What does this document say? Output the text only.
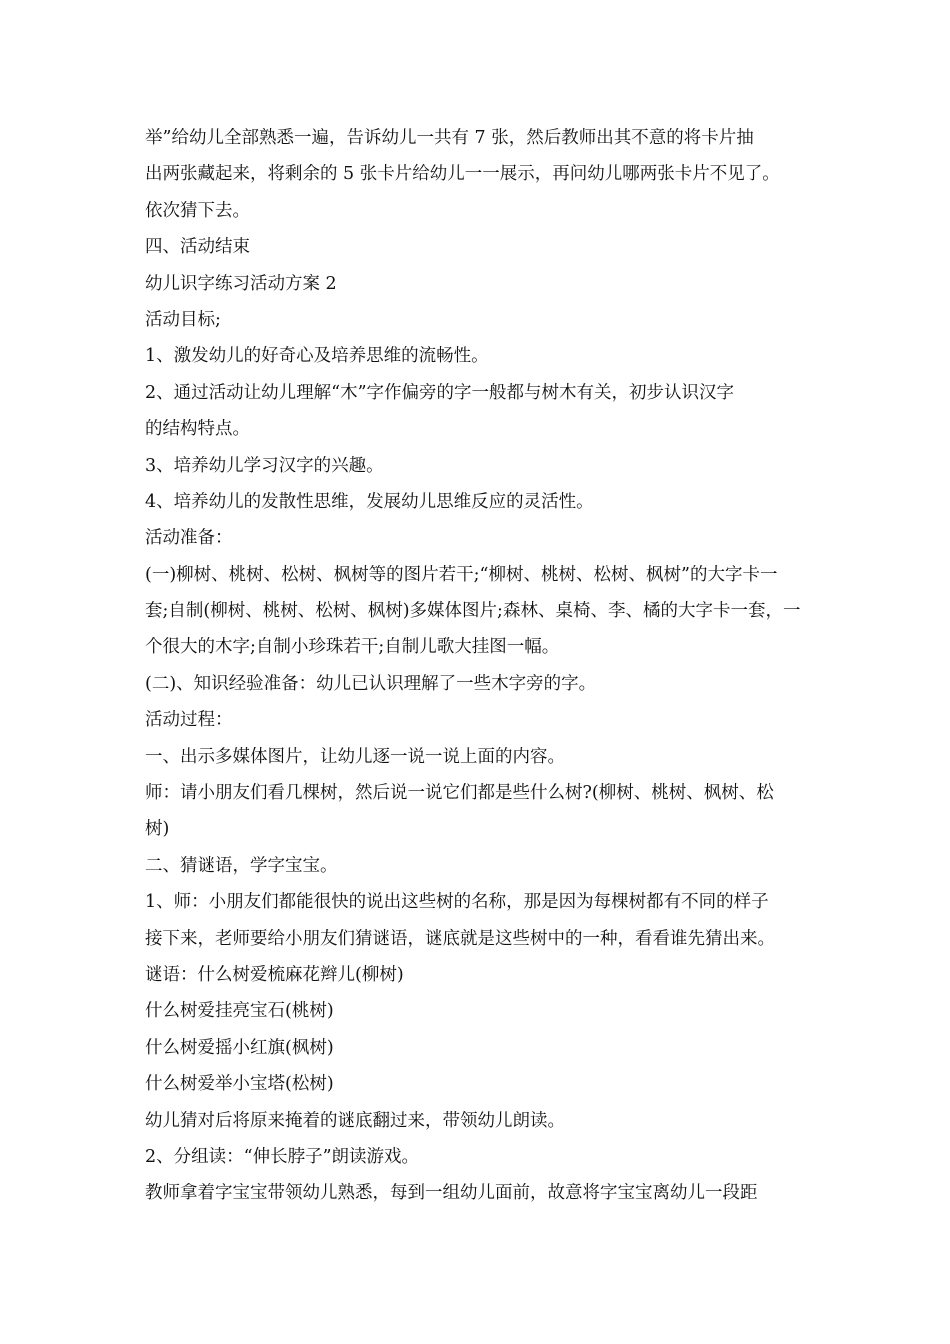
举”给幼儿全部熟悉一遍，告诉幼儿一共有 7 张，然后教师出其不意的将卡片抽
出两张藏起来，将剩余的 5 张卡片给幼儿一一展示，再问幼儿哪两张卡片不见了。
依次猜下去。
四、活动结束
幼儿识字练习活动方案 2
活动目标;
1、激发幼儿的好奇心及培养思维的流畅性。
2、通过活动让幼儿理解“木”字作偏旁的字一般都与树木有关，初步认识汉字
的结构特点。
3、培养幼儿学习汉字的兴趣。
4、培养幼儿的发散性思维，发展幼儿思维反应的灵活性。
活动准备：
(一)柳树、桃树、松树、枫树等的图片若干;“柳树、桃树、松树、枫树”的大字卡一
套;自制(柳树、桃树、松树、枫树)多媒体图片;森林、桌椅、李、橘的大字卡一套，一
个很大的木字;自制小珍珠若干;自制儿歌大挂图一幅。
(二)、知识经验准备：幼儿已认识理解了一些木字旁的字。
活动过程：
一、出示多媒体图片，让幼儿逐一说一说上面的内容。
师：请小朋友们看几棵树，然后说一说它们都是些什么树?(柳树、桃树、枫树、松
树)
二、猜谜语，学字宝宝。
1、师：小朋友们都能很快的说出这些树的名称，那是因为每棵树都有不同的样子
接下来，老师要给小朋友们猜谜语，谜底就是这些树中的一种，看看谁先猜出来。
谜语：什么树爱梳麻花辫儿(柳树)
什么树爱挂亮宝石(桃树)
什么树爱摇小红旗(枫树)
什么树爱举小宝塔(松树)
幼儿猜对后将原来掩着的谜底翻过来，带领幼儿朗读。
2、分组读：“伸长脖子”朗读游戏。
教师拿着字宝宝带领幼儿熟悉，每到一组幼儿面前，故意将字宝宝离幼儿一段距
